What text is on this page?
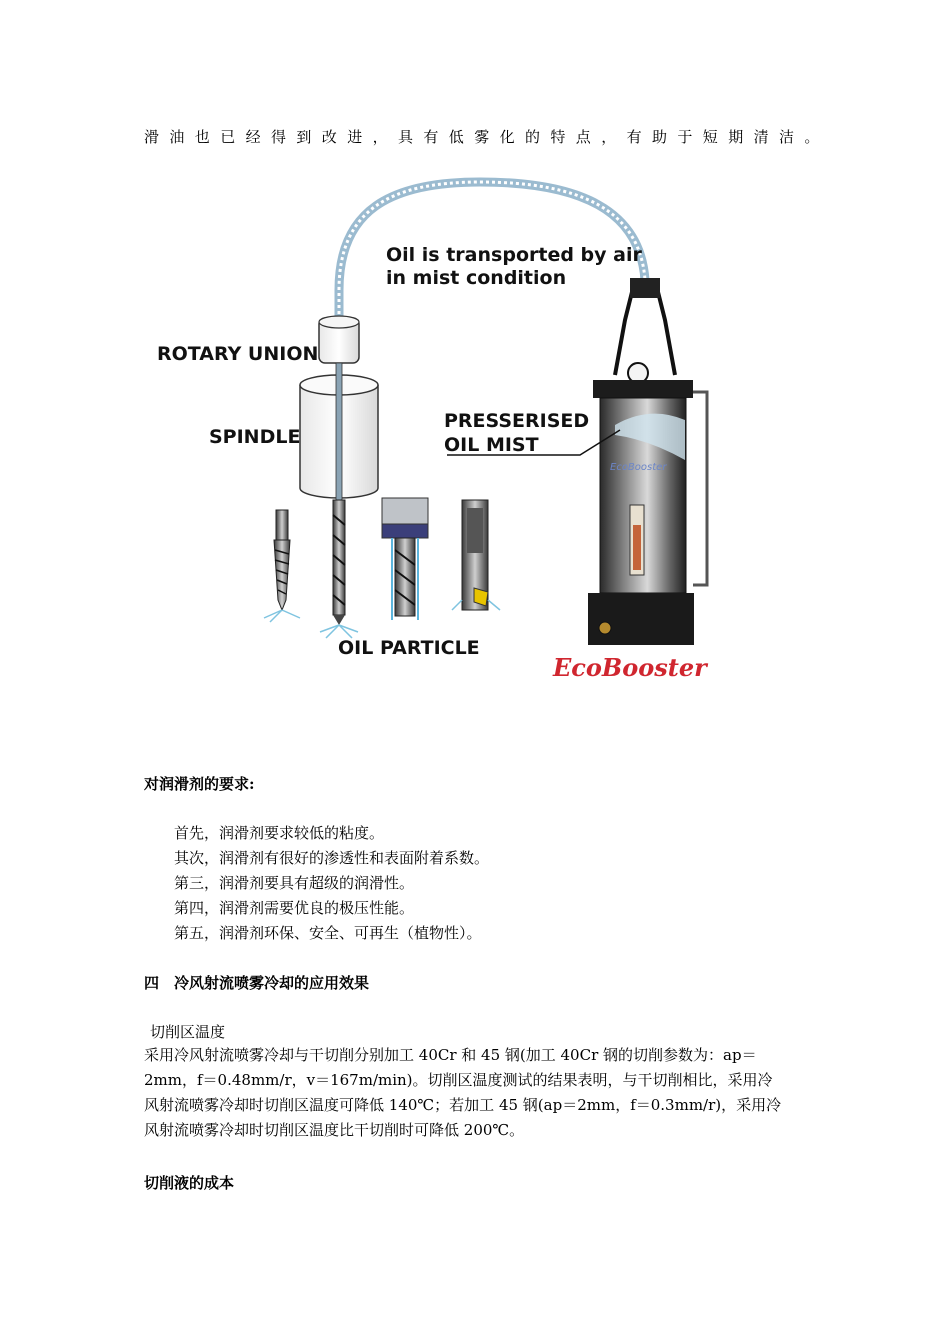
滑油也已经得到改进，具有低雾化的特点，有助于短期清洁。
Oil is transported by air
in mist condition
ROTARY UNION
SPINDLE
PRESSERISED
OIL MIST
OIL PARTICLE
EcoBooster
EcoBooster
对润滑剂的要求:
首先，润滑剂要求较低的粘度。
其次，润滑剂有很好的渗透性和表面附着系数。
第三，润滑剂要具有超级的润滑性。
第四，润滑剂需要优良的极压性能。
第五，润滑剂环保、安全、可再生（植物性）。
四　冷风射流喷雾冷却的应用效果
切削区温度
采用冷风射流喷雾冷却与干切削分别加工 40Cr 和 45 钢(加工 40Cr 钢的切削参数为：ap＝
2mm，f＝0.48mm/r，v＝167m/min)。切削区温度测试的结果表明，与干切削相比，采用冷
风射流喷雾冷却时切削区温度可降低 140℃；若加工 45 钢(ap＝2mm，f＝0.3mm/r)，采用冷
风射流喷雾冷却时切削区温度比干切削时可降低 200℃。
切削液的成本
